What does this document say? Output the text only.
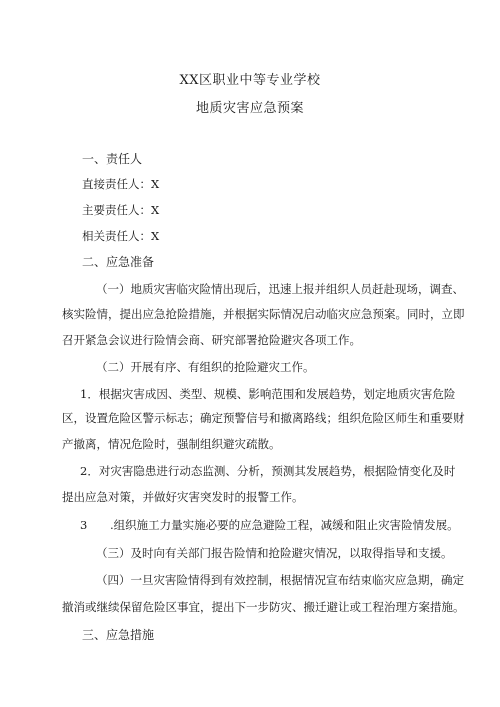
XX区职业中等专业学校
地质灾害应急预案
一、责任人
直接责任人：X
主要责任人：X
相关责任人：X
二、应急准备
（一）地质灾害临灾险情出现后，迅速上报并组织人员赶赴现场，调查、
核实险情，提出应急抢险措施，并根据实际情况启动临灾应急预案。同时，立即
召开紧急会议进行险情会商、研究部署抢险避灾各项工作。
（二）开展有序、有组织的抢险避灾工作。
1．根据灾害成因、类型、规模、影响范围和发展趋势，划定地质灾害危险
区，设置危险区警示标志；确定预警信号和撤离路线；组织危险区师生和重要财
产撤离，情况危险时，强制组织避灾疏散。
2．对灾害隐患进行动态监测、分析，预测其发展趋势，根据险情变化及时
提出应急对策，并做好灾害突发时的报警工作。
3 .组织施工力量实施必要的应急避险工程，减缓和阻止灾害险情发展。
（三）及时向有关部门报告险情和抢险避灾情况，以取得指导和支援。
（四）一旦灾害险情得到有效控制，根据情况宣布结束临灾应急期，确定
撤消或继续保留危险区事宜，提出下一步防灾、搬迁避让或工程治理方案措施。
三、应急措施
